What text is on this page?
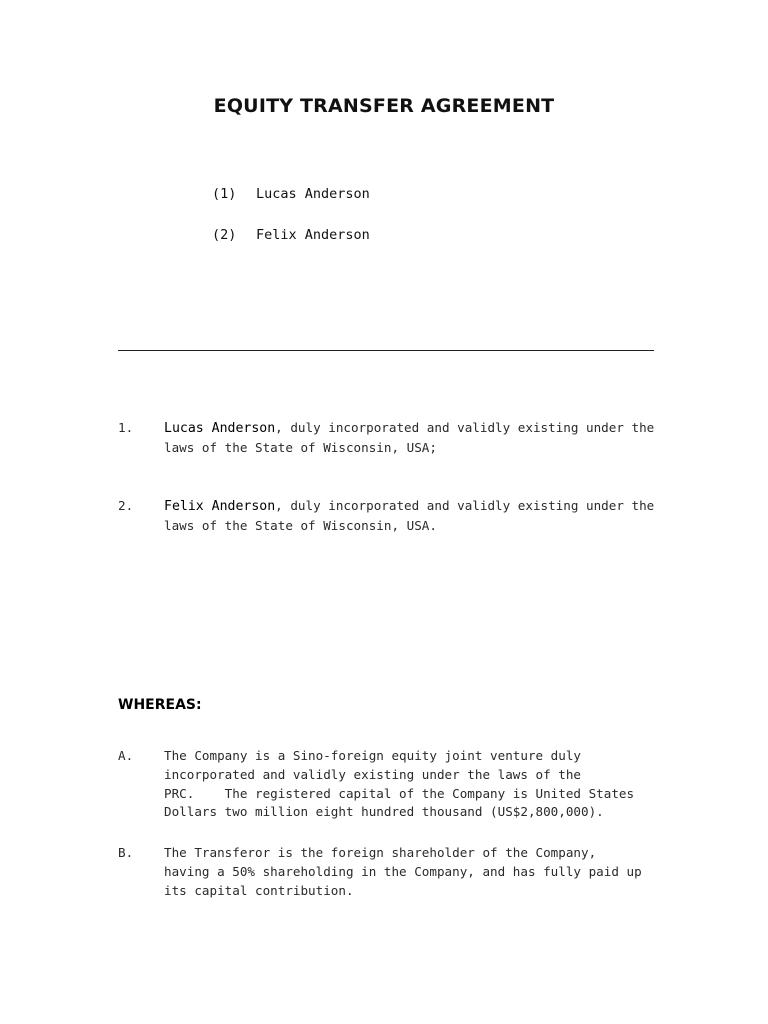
EQUITY TRANSFER AGREEMENT
(1) Lucas Anderson
(2) Felix Anderson
1. Lucas Anderson, duly incorporated and validly existing under the laws of the State of Wisconsin, USA;
2. Felix Anderson, duly incorporated and validly existing under the laws of the State of Wisconsin, USA.
WHEREAS:
A. The Company is a Sino-foreign equity joint venture duly
incorporated and validly existing under the laws of the
PRC.    The registered capital of the Company is United States
Dollars two million eight hundred thousand (US$2,800,000).
B. The Transferor is the foreign shareholder of the Company,
having a 50% shareholding in the Company, and has fully paid up
its capital contribution.
